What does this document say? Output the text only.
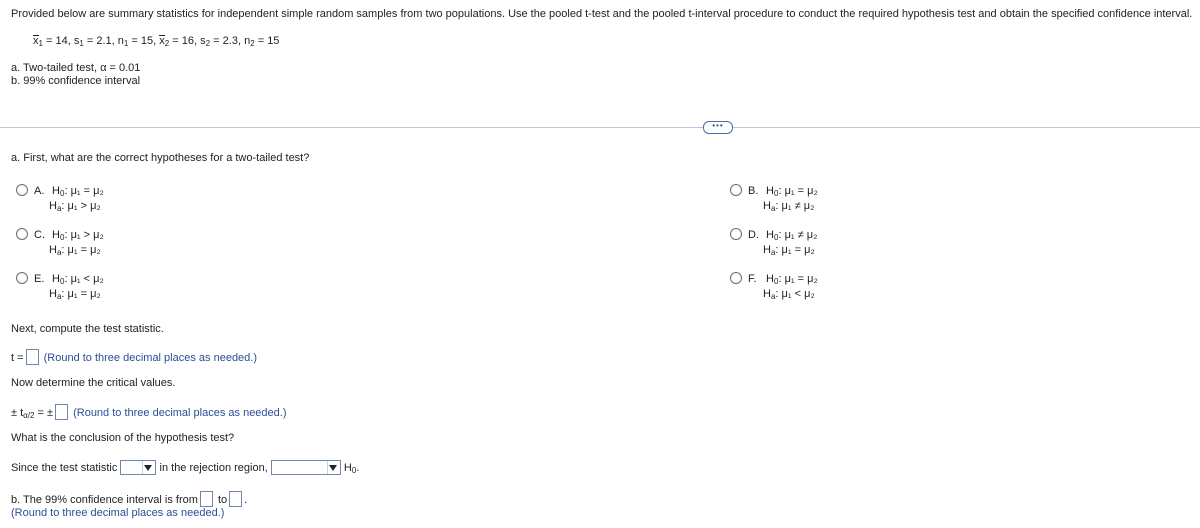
Provided below are summary statistics for independent simple random samples from two populations. Use the pooled t-test and the pooled t-interval procedure to conduct the required hypothesis test and obtain the specified confidence interval.
$x_1 = 14$, $s_1 = 2.1$, $n_1 = 15$, $x_2 = 16$, $s_2 = 2.3$, $n_2 = 15$
a. Two-tailed test, α = 0.01
b. 99% confidence interval
•••
a. First, what are the correct hypotheses for a two-tailed test?
A. $H_0$: μ₁ = μ₂
$H_a$: μ₁ > μ₂
B. $H_0$: μ₁ = μ₂
$H_a$: μ₁ ≠ μ₂
C. $H_0$: μ₁ > μ₂
$H_a$: μ₁ = μ₂
D. $H_0$: μ₁ ≠ μ₂
$H_a$: μ₁ = μ₂
E. $H_0$: μ₁ < μ₂
$H_a$: μ₁ = μ₂
F. $H_0$: μ₁ = μ₂
$H_a$: μ₁ < μ₂
Next, compute the test statistic.
t = (Round to three decimal places as needed.)
Now determine the critical values.
± $t_{\alpha/2}$ = ± (Round to three decimal places as needed.)
What is the conclusion of the hypothesis test?
Since the test statistic	in the rejection region,	$H_0$.
b. The 99% confidence interval is from to .
(Round to three decimal places as needed.)
